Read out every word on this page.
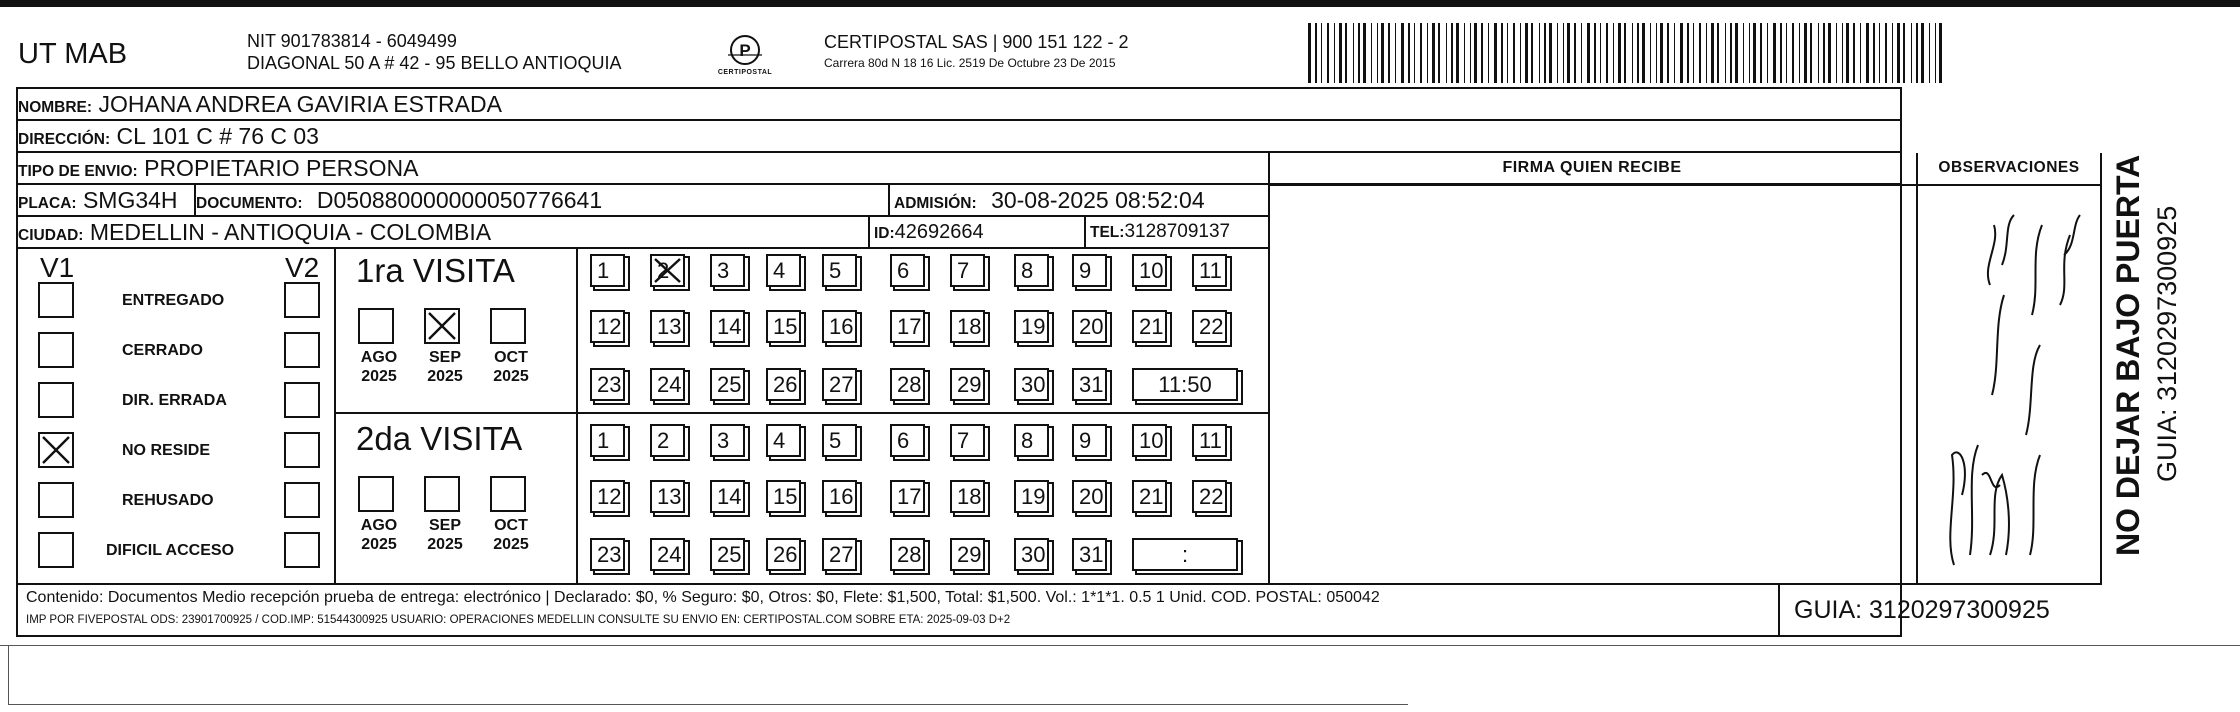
UT MAB	NIT 901783814 - 6049499
DIAGONAL 50 A # 42 - 95 BELLO ANTIOQUIA
P
CERTIPOSTAL
CERTIPOSTAL SAS | 900 151 122 - 2
Carrera 80d N 18 16 Lic. 2519 De Octubre 23 De 2015
NOMBRE: JOHANA ANDREA GAVIRIA ESTRADA
DIRECCIÓN: CL 101 C # 76 C 03
TIPO DE ENVIO: PROPIETARIO PERSONA
PLACA: SMG34H	DOCUMENTO: D050880000000050776641	ADMISIÓN: 30-08-2025 08:52:04
CIUDAD: MEDELLIN - ANTIOQUIA - COLOMBIA	ID:42692664	TEL:3128709137
FIRMA QUIEN RECIBE	OBSERVACIONES
V1	V2
ENTREGADO
CERRADO
DIR. ERRADA
NO RESIDE
REHUSADO
DIFICIL ACCESO
1ra VISITA
AGO
2025
SEP
2025
OCT
2025
1	2	3	4	5	6	7	8	9	10	11
12	13	14	15	16	17	18	19	20	21	22
23	24	25	26	27	28	29	30	31	11:50
2da VISITA
AGO
2025
SEP
2025
OCT
2025
1	2	3	4	5	6	7	8	9	10	11
12	13	14	15	16	17	18	19	20	21	22
23	24	25	26	27	28	29	30	31	:
Contenido: Documentos Medio recepción prueba de entrega: electrónico | Declarado: $0, % Seguro: $0, Otros: $0, Flete: $1,500, Total: $1,500. Vol.: 1*1*1. 0.5 1 Unid. COD. POSTAL: 050042
IMP POR FIVEPOSTAL ODS: 23901700925 / COD.IMP: 51544300925 USUARIO: OPERACIONES MEDELLIN CONSULTE SU ENVIO EN: CERTIPOSTAL.COM SOBRE ETA: 2025-09-03 D+2	GUIA: 3120297300925
NO DEJAR BAJO PUERTA GUIA: 3120297300925
